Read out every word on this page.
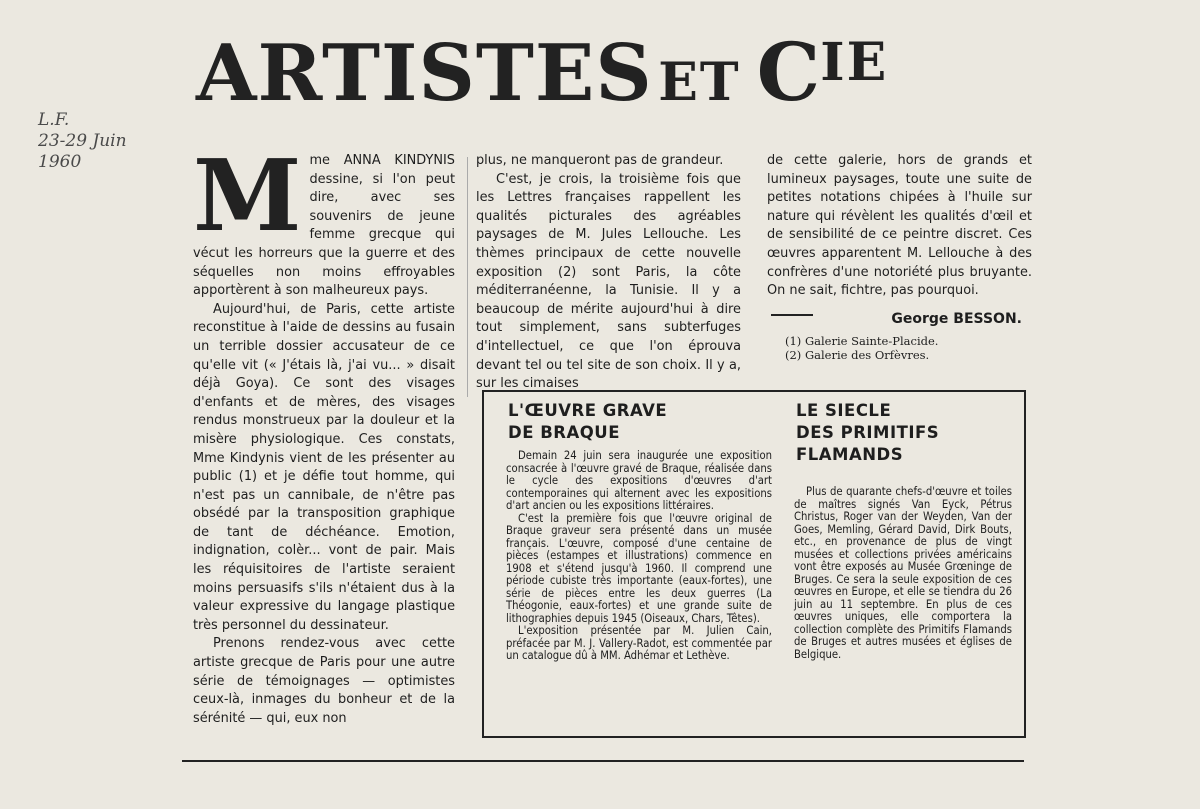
L.F.
23-29 Juin
1960
ARTISTES ET CIE
M me ANNA KINDYNIS dessine, si l'on peut dire, avec ses souvenirs de jeune femme grecque qui vécut les horreurs que la guerre et des séquelles non moins effroyables apportèrent à son malheureux pays.

Aujourd'hui, de Paris, cette artiste reconstitue à l'aide de dessins au fusain un terrible dossier accusateur de ce qu'elle vit (« J'étais là, j'ai vu... » disait déjà Goya). Ce sont des visages d'enfants et de mères, des visages rendus monstrueux par la douleur et la misère physiologique. Ces constats, Mme Kindynis vient de les présenter au public (1) et je défie tout homme, qui n'est pas un cannibale, de n'être pas obsédé par la transposition graphique de tant de déchéance. Emotion, indignation, colèr... vont de pair. Mais les réquisitoires de l'artiste seraient moins persuasifs s'ils n'étaient dus à la valeur expressive du langage plastique très personnel du dessinateur.

Prenons rendez-vous avec cette artiste grecque de Paris pour une autre série de témoignages — optimistes ceux-là, inmages du bonheur et de la sérénité — qui, eux non

plus, ne manqueront pas de grandeur.

C'est, je crois, la troisième fois que les Lettres françaises rappellent les qualités picturales des agréables paysages de M. Jules Lellouche. Les thèmes principaux de cette nouvelle exposition (2) sont Paris, la côte méditerranéenne, la Tunisie. Il y a beaucoup de mérite aujourd'hui à dire tout simplement, sans subterfuges d'intellectuel, ce que l'on éprouva devant tel ou tel site de son choix. Il y a, sur les cimaises

de cette galerie, hors de grands et lumineux paysages, toute une suite de petites notations chipées à l'huile sur nature qui révèlent les qualités d'œil et de sensibilité de ce peintre discret. Ces œuvres apparentent M. Lellouche à des confrères d'une notoriété plus bruyante. On ne sait, fichtre, pas pourquoi.

George BESSON.
(1) Galerie Sainte-Placide.
(2) Galerie des Orfèvres.
L'ŒUVRE GRAVE
DE BRAQUE
LE SIECLE
DES PRIMITIFS
FLAMANDS

Demain 24 juin sera inaugurée une exposition consacrée à l'œuvre gravé de Braque, réalisée dans le cycle des expositions d'œuvres d'art contemporaines qui alternent avec les expositions d'art ancien ou les expositions littéraires.

C'est la première fois que l'œuvre original de Braque graveur sera présenté dans un musée français. L'œuvre, composé d'une centaine de pièces (estampes et illustrations) commence en 1908 et s'étend jusqu'à 1960. Il comprend une période cubiste très importante (eaux-fortes), une série de pièces entre les deux guerres (La Théogonie, eaux-fortes) et une grande suite de lithographies depuis 1945 (Oiseaux, Chars, Têtes).

L'exposition présentée par M. Julien Cain, préfacée par M. J. Vallery-Radot, est commentée par un catalogue dû à MM. Adhémar et Lethève.

Plus de quarante chefs-d'œuvre et toiles de maîtres signés Van Eyck, Pétrus Christus, Roger van der Weyden, Van der Goes, Memling, Gérard David, Dirk Bouts, etc., en provenance de plus de vingt musées et collections privées américains vont être exposés au Musée Grœninge de Bruges. Ce sera la seule exposition de ces œuvres en Europe, et elle se tiendra du 26 juin au 11 septembre. En plus de ces œuvres uniques, elle comportera la collection complète des Primitifs Flamands de Bruges et autres musées et églises de Belgique.
